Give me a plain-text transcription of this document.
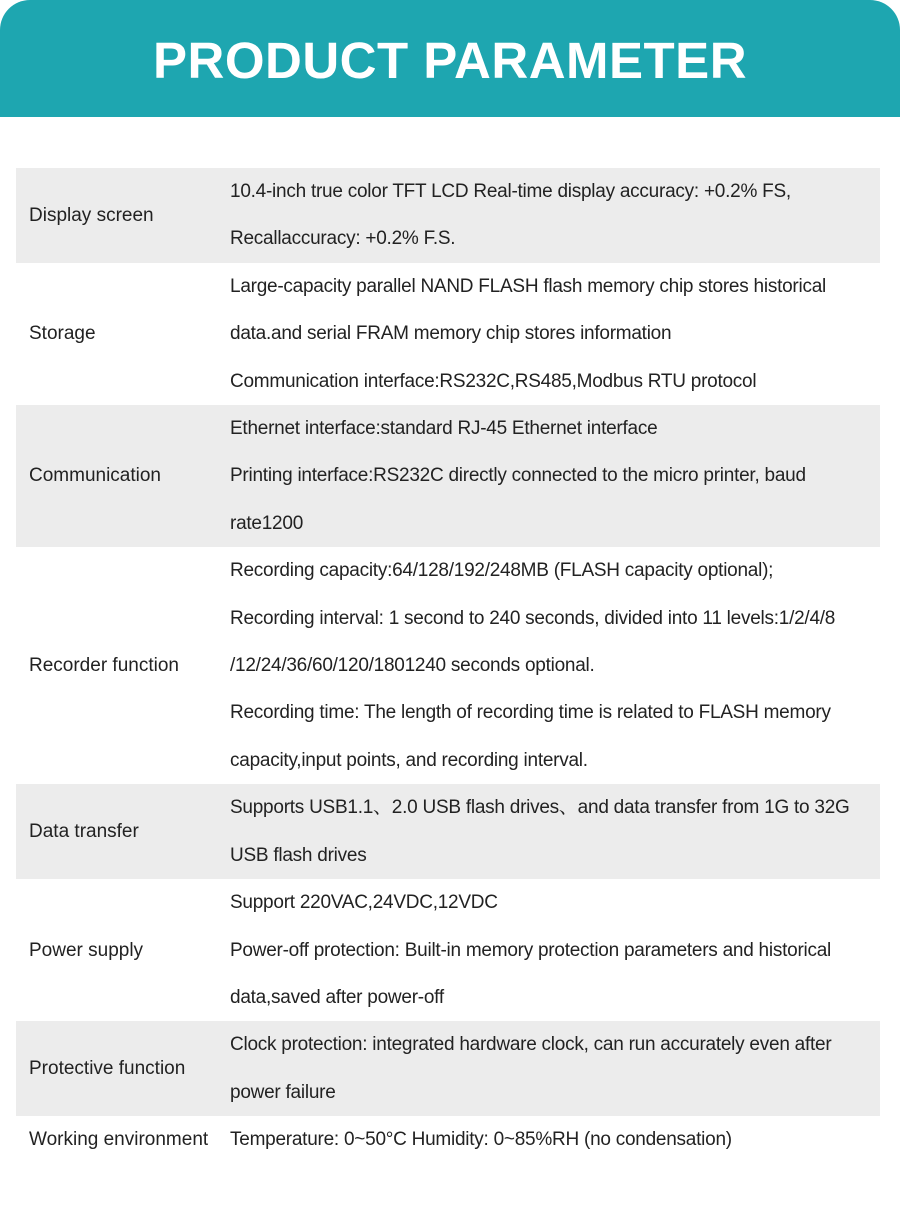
PRODUCT PARAMETER
Display screen
10.4-inch true color TFT LCD Real-time display accuracy: +0.2% FS,
Recallaccuracy: +0.2% F.S.
Storage
Large-capacity parallel NAND FLASH flash memory chip stores historical
data.and serial FRAM memory chip stores information
Communication interface:RS232C,RS485,Modbus RTU protocol
Communication
Ethernet interface:standard RJ-45 Ethernet interface
Printing interface:RS232C directly connected to the micro printer, baud
rate1200
Recorder function
Recording capacity:64/128/192/248MB (FLASH capacity optional);
Recording interval: 1 second to 240 seconds, divided into 11 levels:1/2/4/8
/12/24/36/60/120/1801240 seconds optional.
Recording time: The length of recording time is related to FLASH memory
capacity,input points, and recording interval.
Data transfer
Supports USB1.1、2.0 USB flash drives、and data transfer from 1G to 32G
USB flash drives
Power supply
Support 220VAC,24VDC,12VDC
Power-off protection: Built-in memory protection parameters and historical
data,saved after power-off
Protective function
Clock protection: integrated hardware clock, can run accurately even after
power failure
Working environment	Temperature: 0~50°C Humidity: 0~85%RH (no condensation)
